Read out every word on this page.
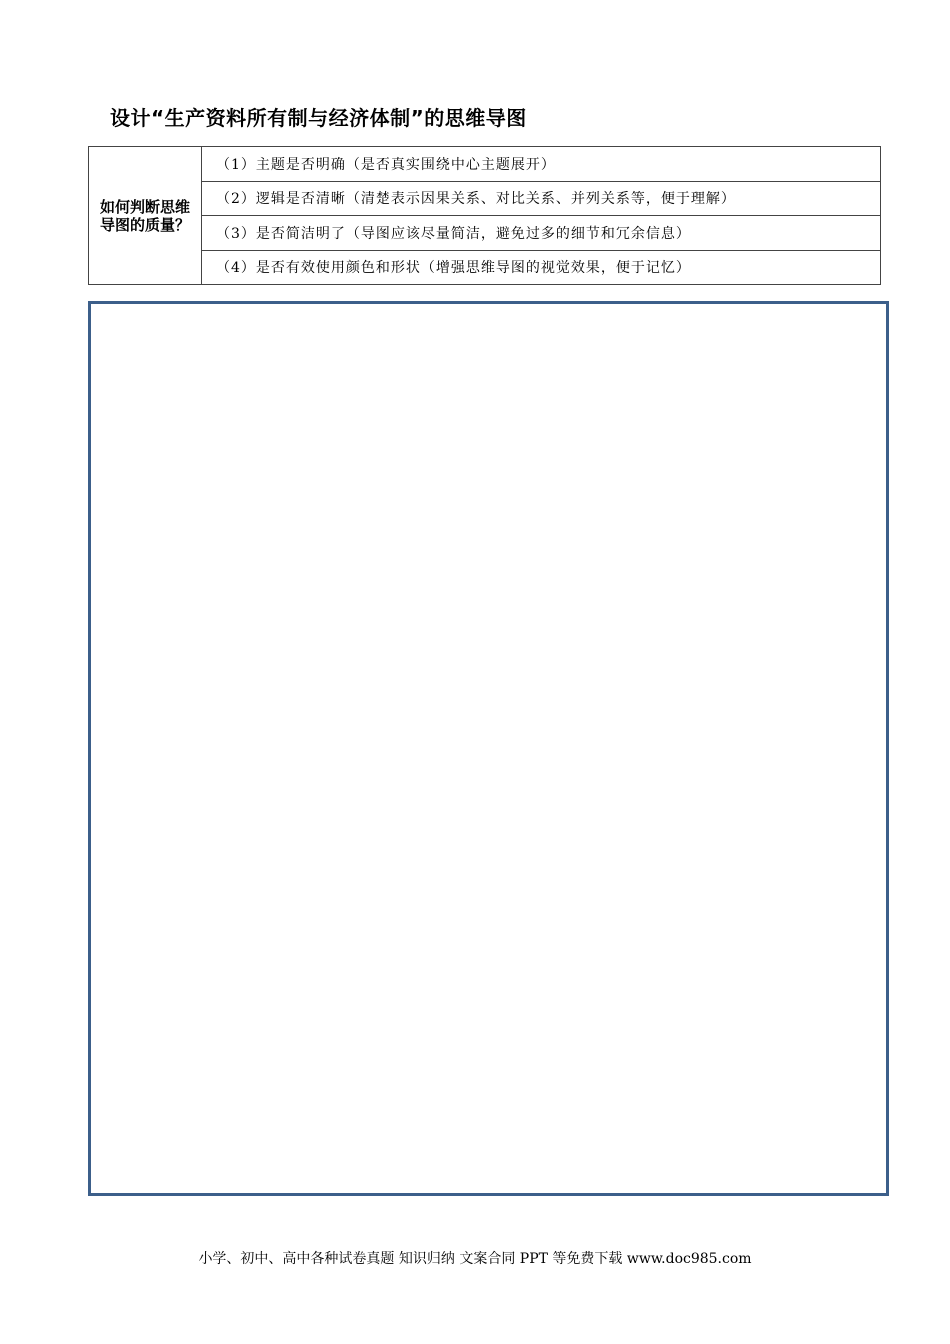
设计“生产资料所有制与经济体制”的思维导图
如何判断思维导图的质量？	（1）主题是否明确（是否真实围绕中心主题展开）
（2）逻辑是否清晰（清楚表示因果关系、对比关系、并列关系等，便于理解）
（3）是否简洁明了（导图应该尽量简洁，避免过多的细节和冗余信息）
（4）是否有效使用颜色和形状（增强思维导图的视觉效果，便于记忆）
小学、初中、高中各种试卷真题 知识归纳 文案合同 PPT 等免费下载 www.doc985.com
